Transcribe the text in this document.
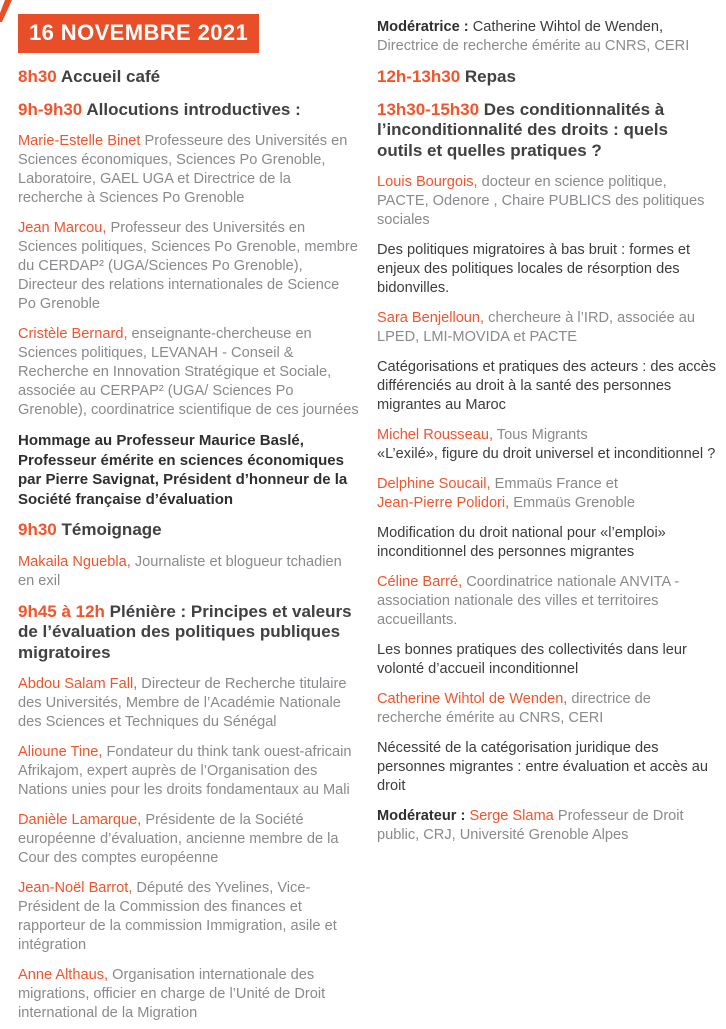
16 NOVEMBRE 2021

8h30 Accueil café

9h-9h30 Allocutions introductives :

Marie-Estelle Binet Professeure des Universités en Sciences économiques, Sciences Po Grenoble, Laboratoire, GAEL UGA et Directrice de la recherche à Sciences Po Grenoble

Jean Marcou, Professeur des Universités en Sciences politiques, Sciences Po Grenoble, membre du CERDAP² (UGA/Sciences Po Grenoble), Directeur des relations internationales de Science Po Grenoble

Cristèle Bernard, enseignante-chercheuse en Sciences politiques, LEVANAH - Conseil & Recherche en Innovation Stratégique et Sociale, associée au CERPAP² (UGA/ Sciences Po Grenoble), coordinatrice scientifique de ces journées

Hommage au Professeur Maurice Baslé, Professeur émérite en sciences économiques par Pierre Savignat, Président d’honneur de la Société française d’évaluation

9h30 Témoignage

Makaila Nguebla, Journaliste et blogueur tchadien en exil

9h45 à 12h Plénière : Principes et valeurs de l’évaluation des politiques publiques migratoires

Abdou Salam Fall, Directeur de Recherche titulaire des Universités, Membre de l’Académie Nationale des Sciences et Techniques du Sénégal

Alioune Tine, Fondateur du think tank ouest-africain Afrikajom, expert auprès de l’Organisation des Nations unies pour les droits fondamentaux au Mali

Danièle Lamarque, Présidente de la Société européenne d’évaluation, ancienne membre de la Cour des comptes européenne

Jean-Noël Barrot, Député des Yvelines, Vice-Président de la Commission des finances et rapporteur de la commission Immigration, asile et intégration

Anne Althaus, Organisation internationale des migrations, officier en charge de l’Unité de Droit international de la Migration

Modératrice : Catherine Wihtol de Wenden, Directrice de recherche émérite au CNRS, CERI

12h-13h30 Repas

13h30-15h30 Des conditionnalités à l’inconditionnalité des droits : quels outils et quelles pratiques ?

Louis Bourgois, docteur en science politique, PACTE, Odenore , Chaire PUBLICS des politiques sociales

Des politiques migratoires à bas bruit : formes et enjeux des politiques locales de résorption des bidonvilles.

Sara Benjelloun, chercheure à l’IRD, associée au LPED, LMI-MOVIDA et PACTE

Catégorisations et pratiques des acteurs : des accès différenciés au droit à la santé des personnes migrantes au Maroc

Michel Rousseau, Tous Migrants
«L’exilé», figure du droit universel et inconditionnel ?

Delphine Soucail, Emmaüs France et
Jean-Pierre Polidori, Emmaüs Grenoble

Modification du droit national pour «l’emploi» inconditionnel des personnes migrantes

Céline Barré, Coordinatrice nationale ANVITA - association nationale des villes et territoires accueillants.

Les bonnes pratiques des collectivités dans leur volonté d’accueil inconditionnel

Catherine Wihtol de Wenden, directrice de recherche émérite au CNRS, CERI

Nécessité de la catégorisation juridique des personnes migrantes : entre évaluation et accès au droit

Modérateur : Serge Slama Professeur de Droit public, CRJ, Université Grenoble Alpes
